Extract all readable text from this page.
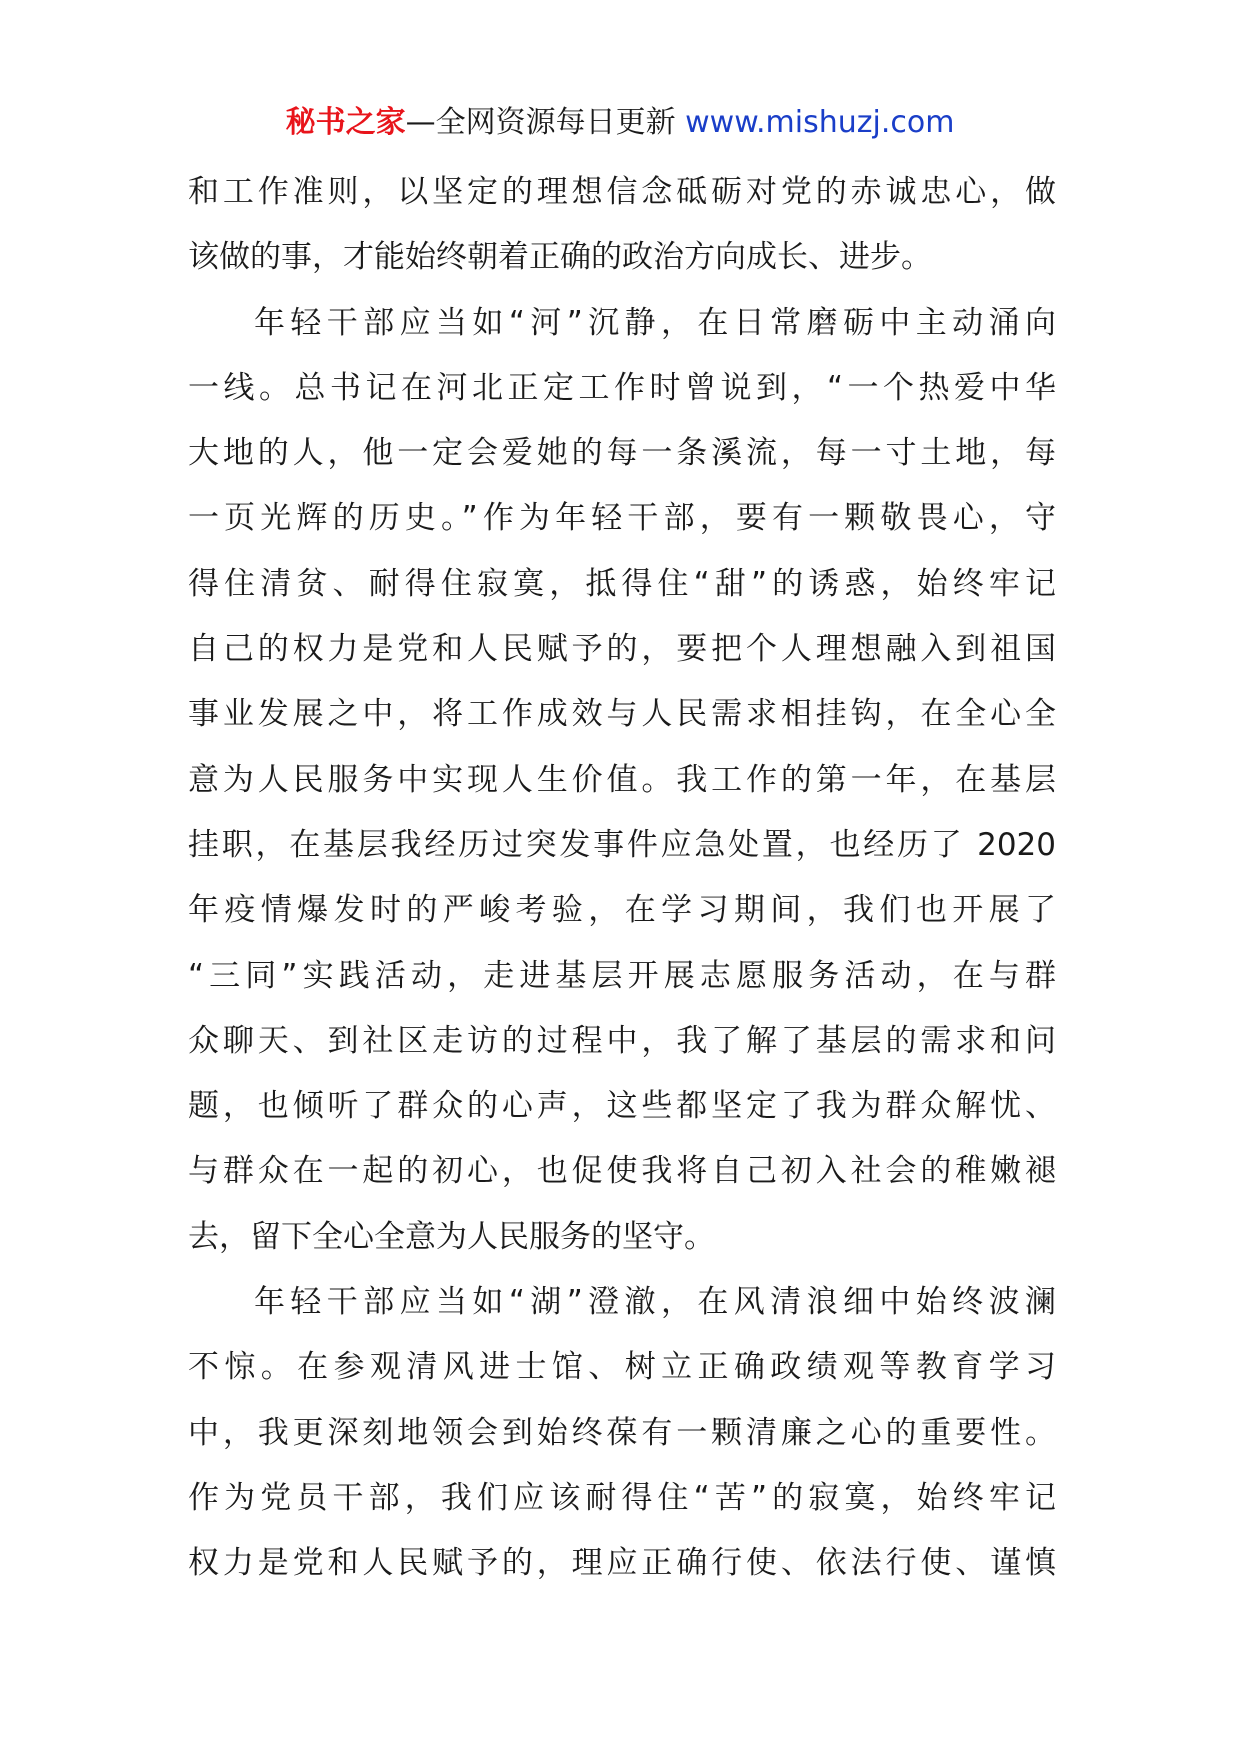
秘书之家—全网资源每日更新 www.mishuzj.com
和工作准则，以坚定的理想信念砥砺对党的赤诚忠心，做
该做的事，才能始终朝着正确的政治方向成长、进步。
年轻干部应当如“河”沉静，在日常磨砺中主动涌向
一线。总书记在河北正定工作时曾说到，“一个热爱中华
大地的人，他一定会爱她的每一条溪流，每一寸土地，每
一页光辉的历史。”作为年轻干部，要有一颗敬畏心，守
得住清贫、耐得住寂寞，抵得住“甜”的诱惑，始终牢记
自己的权力是党和人民赋予的，要把个人理想融入到祖国
事业发展之中，将工作成效与人民需求相挂钩，在全心全
意为人民服务中实现人生价值。我工作的第一年，在基层
挂职，在基层我经历过突发事件应急处置，也经历了 2020
年疫情爆发时的严峻考验，在学习期间，我们也开展了
“三同”实践活动，走进基层开展志愿服务活动，在与群
众聊天、到社区走访的过程中，我了解了基层的需求和问
题，也倾听了群众的心声，这些都坚定了我为群众解忧、
与群众在一起的初心，也促使我将自己初入社会的稚嫩褪
去，留下全心全意为人民服务的坚守。
年轻干部应当如“湖”澄澈，在风清浪细中始终波澜
不惊。在参观清风进士馆、树立正确政绩观等教育学习
中，我更深刻地领会到始终葆有一颗清廉之心的重要性。
作为党员干部，我们应该耐得住“苦”的寂寞，始终牢记
权力是党和人民赋予的，理应正确行使、依法行使、谨慎
